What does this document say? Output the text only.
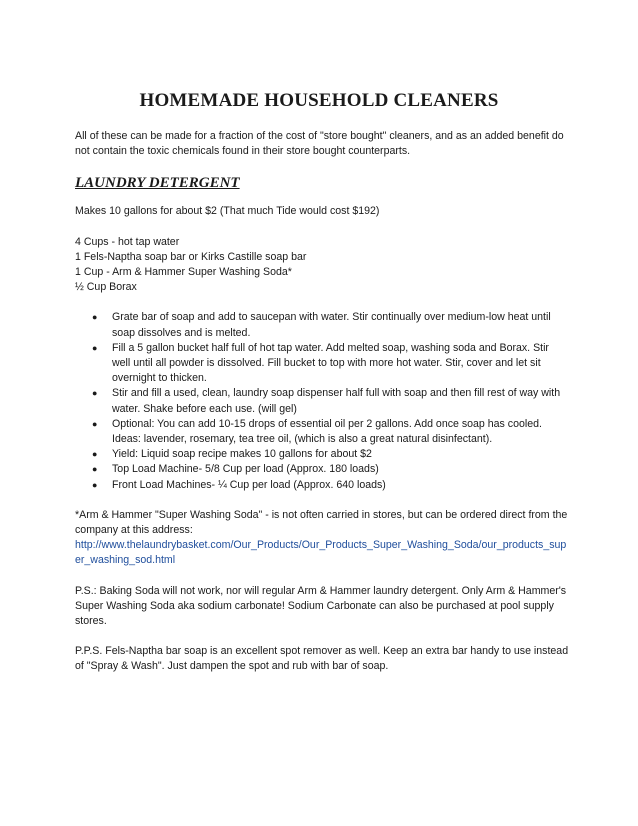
HOMEMADE HOUSEHOLD CLEANERS

All of these can be made for a fraction of the cost of "store bought" cleaners, and as an added benefit do not contain the toxic chemicals found in their store bought counterparts.

LAUNDRY DETERGENT

Makes 10 gallons for about $2 (That much Tide would cost $192)

4 Cups - hot tap water

1 Fels-Naptha soap bar or Kirks Castille soap bar

1 Cup - Arm & Hammer Super Washing Soda*

½ Cup Borax

● Grate bar of soap and add to saucepan with water. Stir continually over medium-low heat until soap dissolves and is melted.
● Fill a 5 gallon bucket half full of hot tap water. Add melted soap, washing soda and Borax. Stir well until all powder is dissolved. Fill bucket to top with more hot water. Stir, cover and let sit overnight to thicken.
● Stir and fill a used, clean, laundry soap dispenser half full with soap and then fill rest of way with water. Shake before each use. (will gel)
● Optional: You can add 10-15 drops of essential oil per 2 gallons. Add once soap has cooled. Ideas: lavender, rosemary, tea tree oil, (which is also a great natural disinfectant).
● Yield: Liquid soap recipe makes 10 gallons for about $2
● Top Load Machine- 5/8 Cup per load (Approx. 180 loads)
● Front Load Machines- ¼ Cup per load (Approx. 640 loads)

*Arm & Hammer "Super Washing Soda" - is not often carried in stores, but can be ordered direct from the company at this address:
http://www.thelaundrybasket.com/Our_Products/Our_Products_Super_Washing_Soda/our_products_super_washing_sod.html

P.S.: Baking Soda will not work, nor will regular Arm & Hammer laundry detergent. Only Arm & Hammer's Super Washing Soda aka sodium carbonate! Sodium Carbonate can also be purchased at pool supply stores.

P.P.S. Fels-Naptha bar soap is an excellent spot remover as well. Keep an extra bar handy to use instead of "Spray & Wash". Just dampen the spot and rub with bar of soap.
